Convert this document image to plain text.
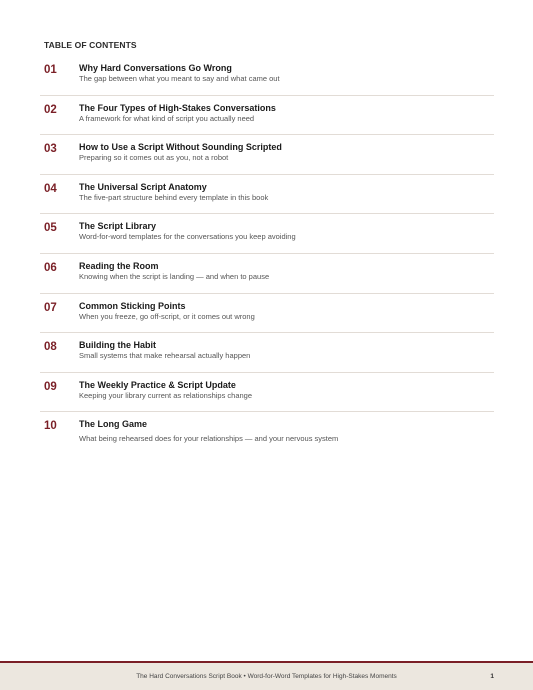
TABLE OF CONTENTS
01 Why Hard Conversations Go Wrong
The gap between what you meant to say and what came out
02 The Four Types of High-Stakes Conversations
A framework for what kind of script you actually need
03 How to Use a Script Without Sounding Scripted
Preparing so it comes out as you, not a robot
04 The Universal Script Anatomy
The five-part structure behind every template in this book
05 The Script Library
Word-for-word templates for the conversations you keep avoiding
06 Reading the Room
Knowing when the script is landing — and when to pause
07 Common Sticking Points
When you freeze, go off-script, or it comes out wrong
08 Building the Habit
Small systems that make rehearsal actually happen
09 The Weekly Practice & Script Update
Keeping your library current as relationships change
10 The Long Game
What being rehearsed does for your relationships — and your nervous system
The Hard Conversations Script Book • Word-for-Word Templates for High-Stakes Moments	1
